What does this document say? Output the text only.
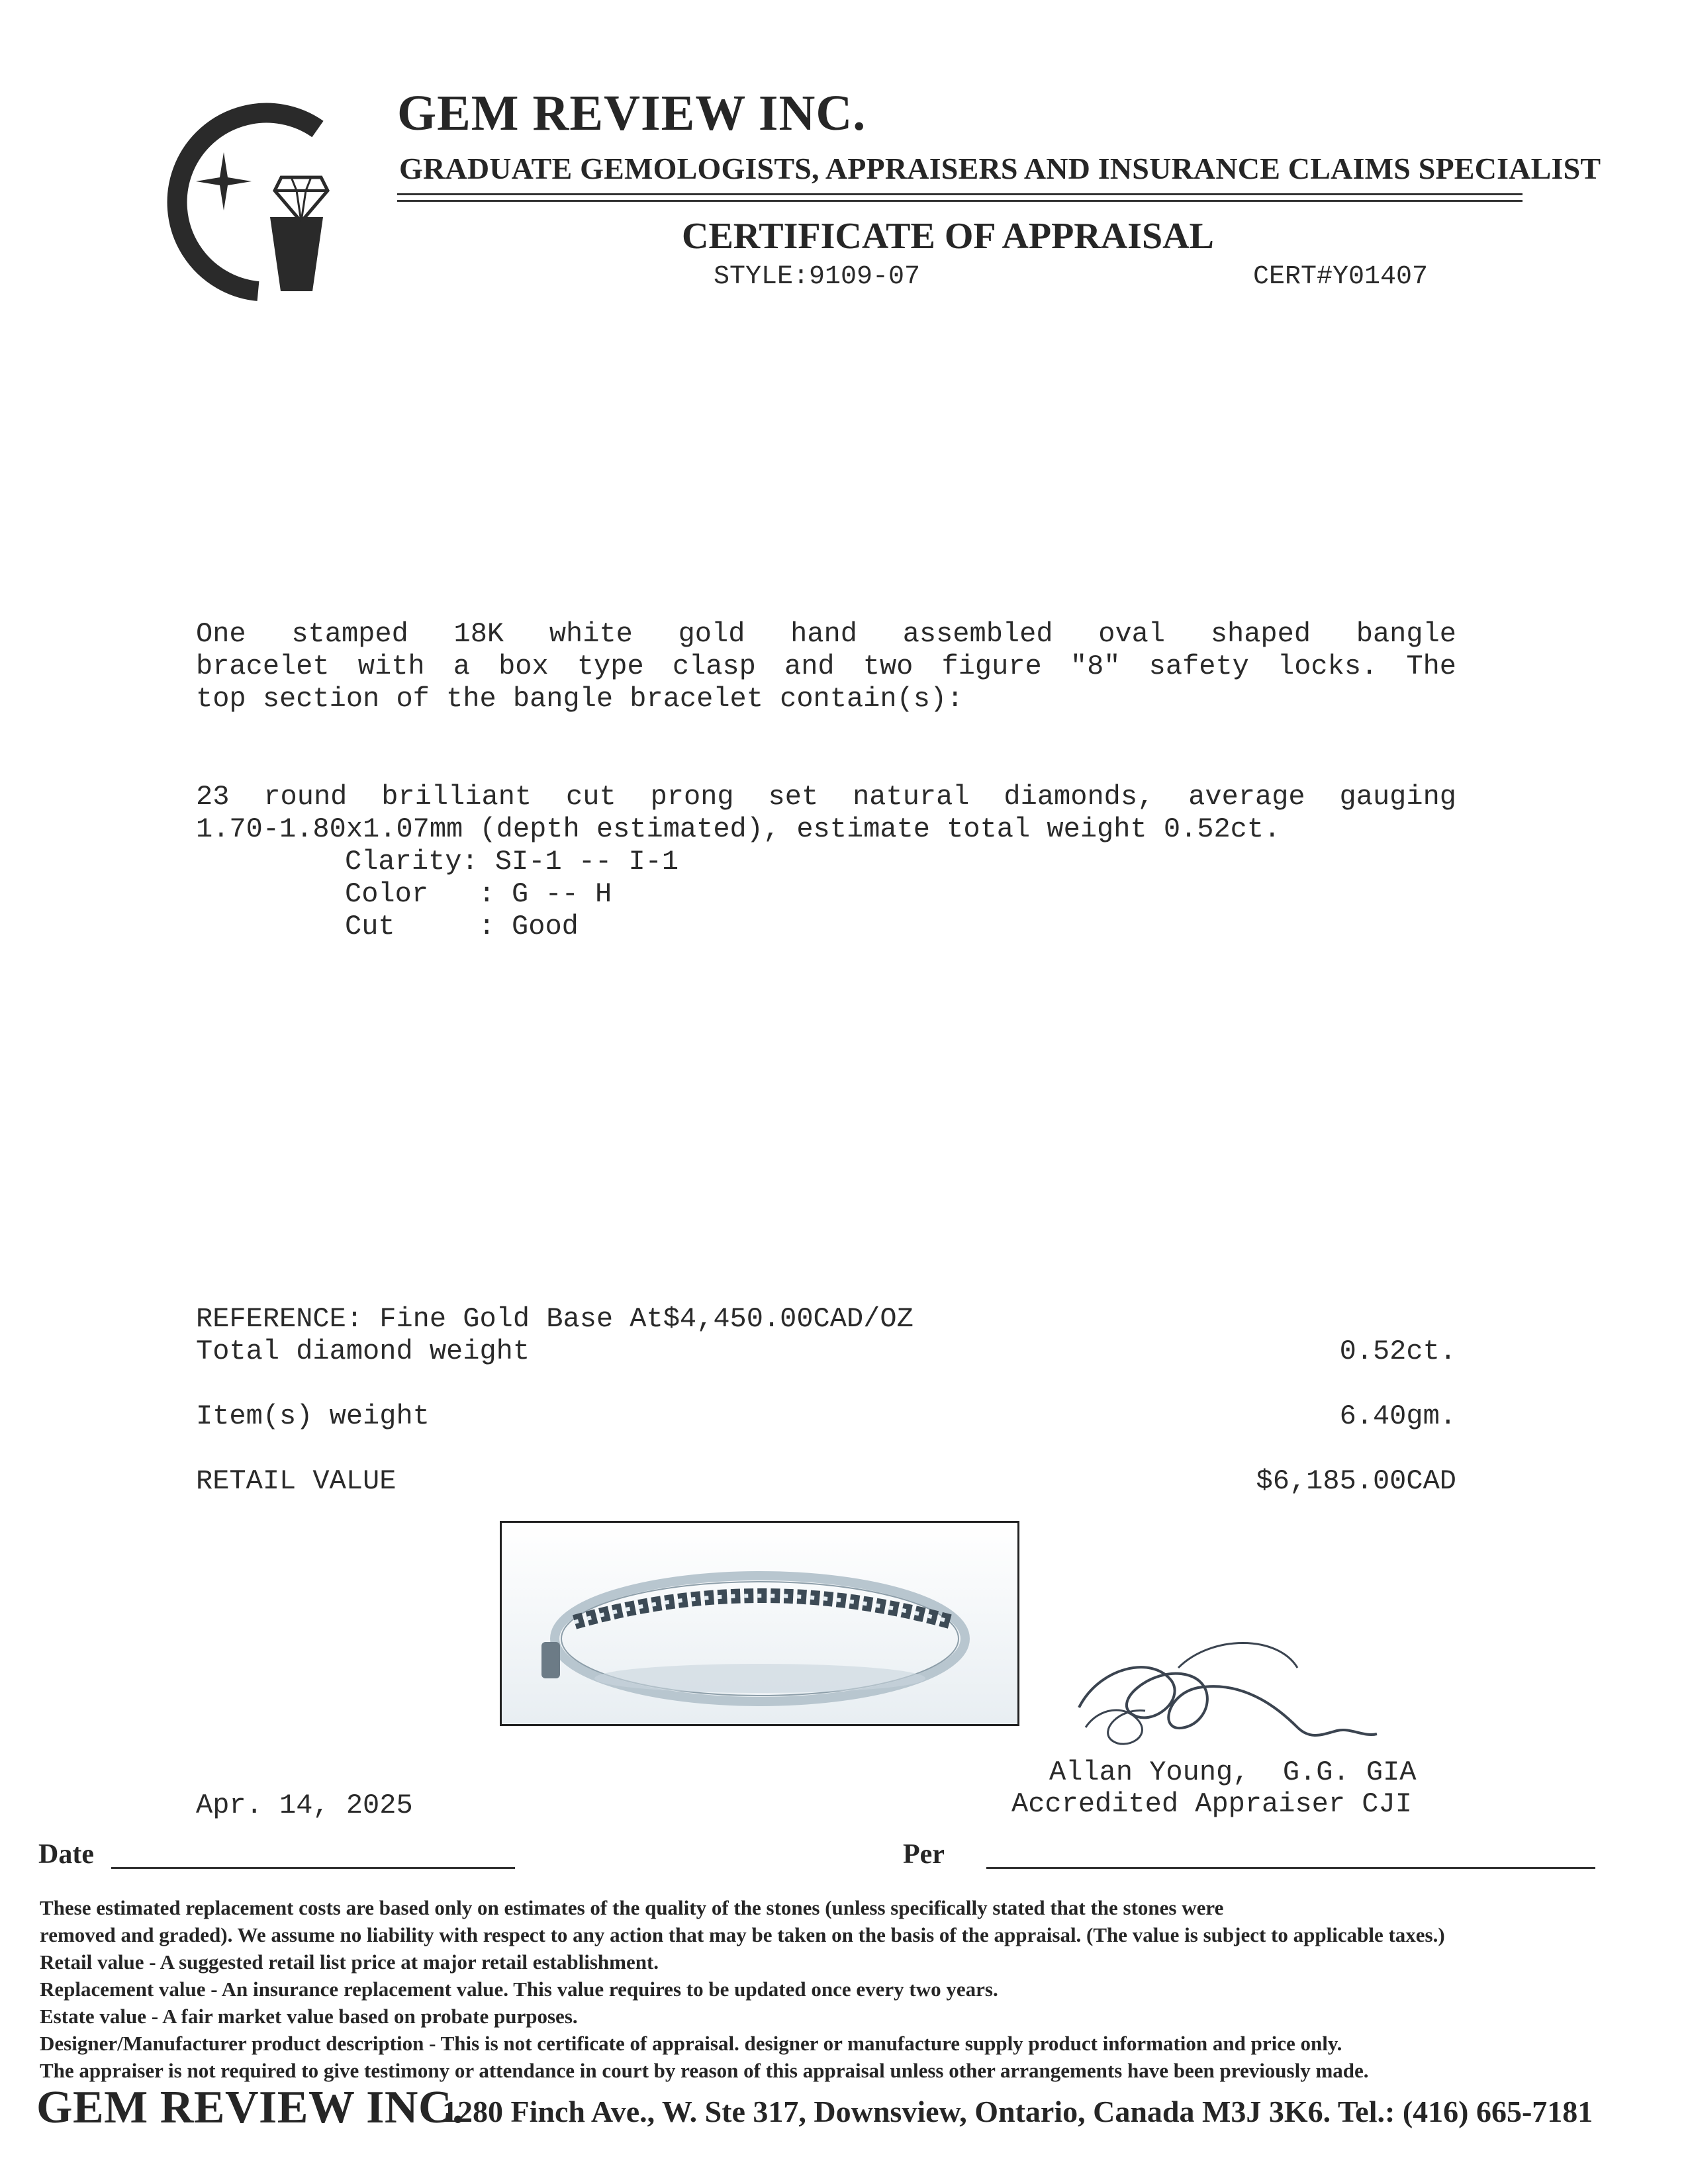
GEM REVIEW INC.
GRADUATE GEMOLOGISTS, APPRAISERS AND INSURANCE CLAIMS SPECIALIST
CERTIFICATE OF APPRAISAL
STYLE:9109-07	CERT#Y01407
One stamped 18K white gold hand assembled oval shaped bangle
bracelet with a box type clasp and two figure "8" safety locks. The
top section of the bangle bracelet contain(s):
23 round brilliant cut prong set natural diamonds, average gauging
1.70-1.80x1.07mm (depth estimated), estimate total weight 0.52ct.
Clarity: SI-1 -- I-1
Color   : G -- H
Cut     : Good
REFERENCE: Fine Gold Base At$4,450.00CAD/OZ
Total diamond weight	0.52ct.
Item(s) weight	6.40gm.
RETAIL VALUE	$6,185.00CAD
Allan Young,  G.G. GIA
Accredited Appraiser CJI
Apr. 14, 2025
Date	Per
These estimated replacement costs are based only on estimates of the quality of the stones (unless specifically stated that the stones were
removed and graded). We assume no liability with respect to any action that may be taken on the basis of the appraisal. (The value is subject to applicable taxes.)
Retail value - A suggested retail list price at major retail establishment.
Replacement value - An insurance replacement value. This value requires to be updated once every two years.
Estate value - A fair market value based on probate purposes.
Designer/Manufacturer product description - This is not certificate of appraisal. designer or manufacture supply product information and price only.
The appraiser is not required to give testimony or attendance in court by reason of this appraisal unless other arrangements have been previously made.
GEM REVIEW INC.
1280 Finch Ave., W. Ste 317, Downsview, Ontario, Canada M3J 3K6. Tel.: (416) 665-7181
